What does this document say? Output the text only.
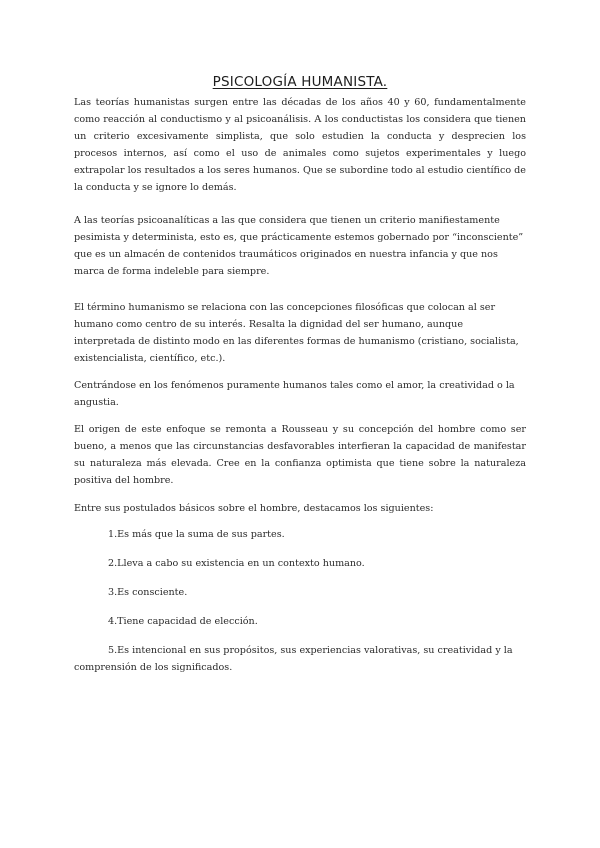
PSICOLOGÍA HUMANISTA.

Las teorías humanistas surgen entre las décadas de los años 40 y 60, fundamentalmente como reacción al conductismo y al psicoanálisis. A los conductistas los considera que tienen un criterio excesivamente simplista, que solo estudien la conducta y desprecien los procesos internos, así como el uso de animales como sujetos experimentales y luego extrapolar los resultados a los seres humanos. Que se subordine todo al estudio científico de la conducta y se ignore lo demás.

A las teorías psicoanalíticas a las que considera que tienen un criterio manifiestamente pesimista y determinista, esto es, que prácticamente estemos gobernado por “inconsciente” que es un almacén de contenidos traumáticos originados en nuestra infancia y que nos marca de forma indeleble para siempre.

El término humanismo se relaciona con las concepciones filosóficas que colocan al ser humano como centro de su interés. Resalta la dignidad del ser humano, aunque interpretada de distinto modo en las diferentes formas de humanismo (cristiano, socialista, existencialista, científico, etc.).

Centrándose en los fenómenos puramente humanos tales como el amor, la creatividad o la angustia.

El origen de este enfoque se remonta a Rousseau y su concepción del hombre como ser bueno, a menos que las circunstancias desfavorables interfieran la capacidad de manifestar su naturaleza más elevada. Cree en la confianza optimista que tiene sobre la naturaleza positiva del hombre.

Entre sus postulados básicos sobre el hombre, destacamos los siguientes:

1.Es más que la suma de sus partes.
2.Lleva a cabo su existencia en un contexto humano.
3.Es consciente.
4.Tiene capacidad de elección.
5.Es intencional en sus propósitos, sus experiencias valorativas, su creatividad y la comprensión de los significados.
